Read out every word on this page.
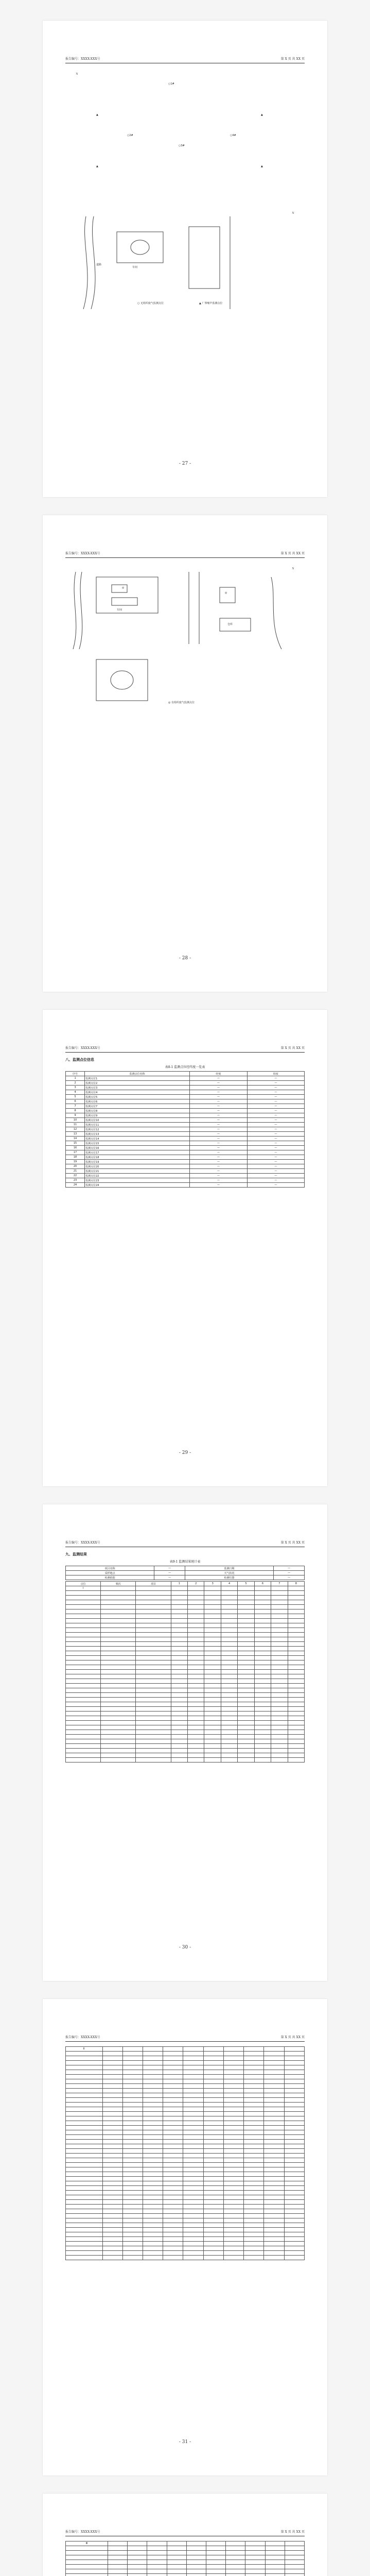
报告编号：XXXX-XXX号	第 X 页 共 XX 页
Ｎ
○1#
○2#
○3#
○4#
▲	▲
▲	▲
Ｎ
车间
道路
○ 无组织废气监测点位	▲ 厂界噪声监测点位
- 27 -
报告编号：XXXX-XXX号	第 X 页 共 XX 页
Ｎ
◎
◎
车间
仓库
◎ 有组织废气监测点位
- 28 -
报告编号：XXXX-XXX号	第 X 页 共 XX 页
八、监测点位信息
表8-1 监测点位经纬度一览表
序号	监测点位名称	经度	纬度
1	监测点位1	—	—
2	监测点位2	—	—
3	监测点位3	—	—
4	监测点位4	—	—
5	监测点位5	—	—
6	监测点位6	—	—
7	监测点位7	—	—
8	监测点位8	—	—
9	监测点位9	—	—
10	监测点位10	—	—
11	监测点位11	—	—
12	监测点位12	—	—
13	监测点位13	—	—
14	监测点位14	—	—
15	监测点位15	—	—
16	监测点位16	—	—
17	监测点位17	—	—
18	监测点位18	—	—
19	监测点位19	—	—
20	监测点位20	—	—
21	监测点位21	—	—
22	监测点位22	—	—
23	监测点位23	—	—
24	监测点位24	—	—
- 29 -
报告编号：XXXX-XXX号	第 X 页 共 XX 页
九、监测结果
表9-1 监测结果统计表
项目名称	—	监测日期	—
采样地点	—	天气状况	—
检测依据	—	检测仪器	—
点位	频次	项目	1	2	3	4	5	6	7	8
Ⅰ										

- 30 -
报告编号：XXXX-XXX号	第 X 页 共 XX 页
Ⅱ										

- 31 -
报告编号：XXXX-XXX号	第 X 页 共 XX 页
Ⅲ										
